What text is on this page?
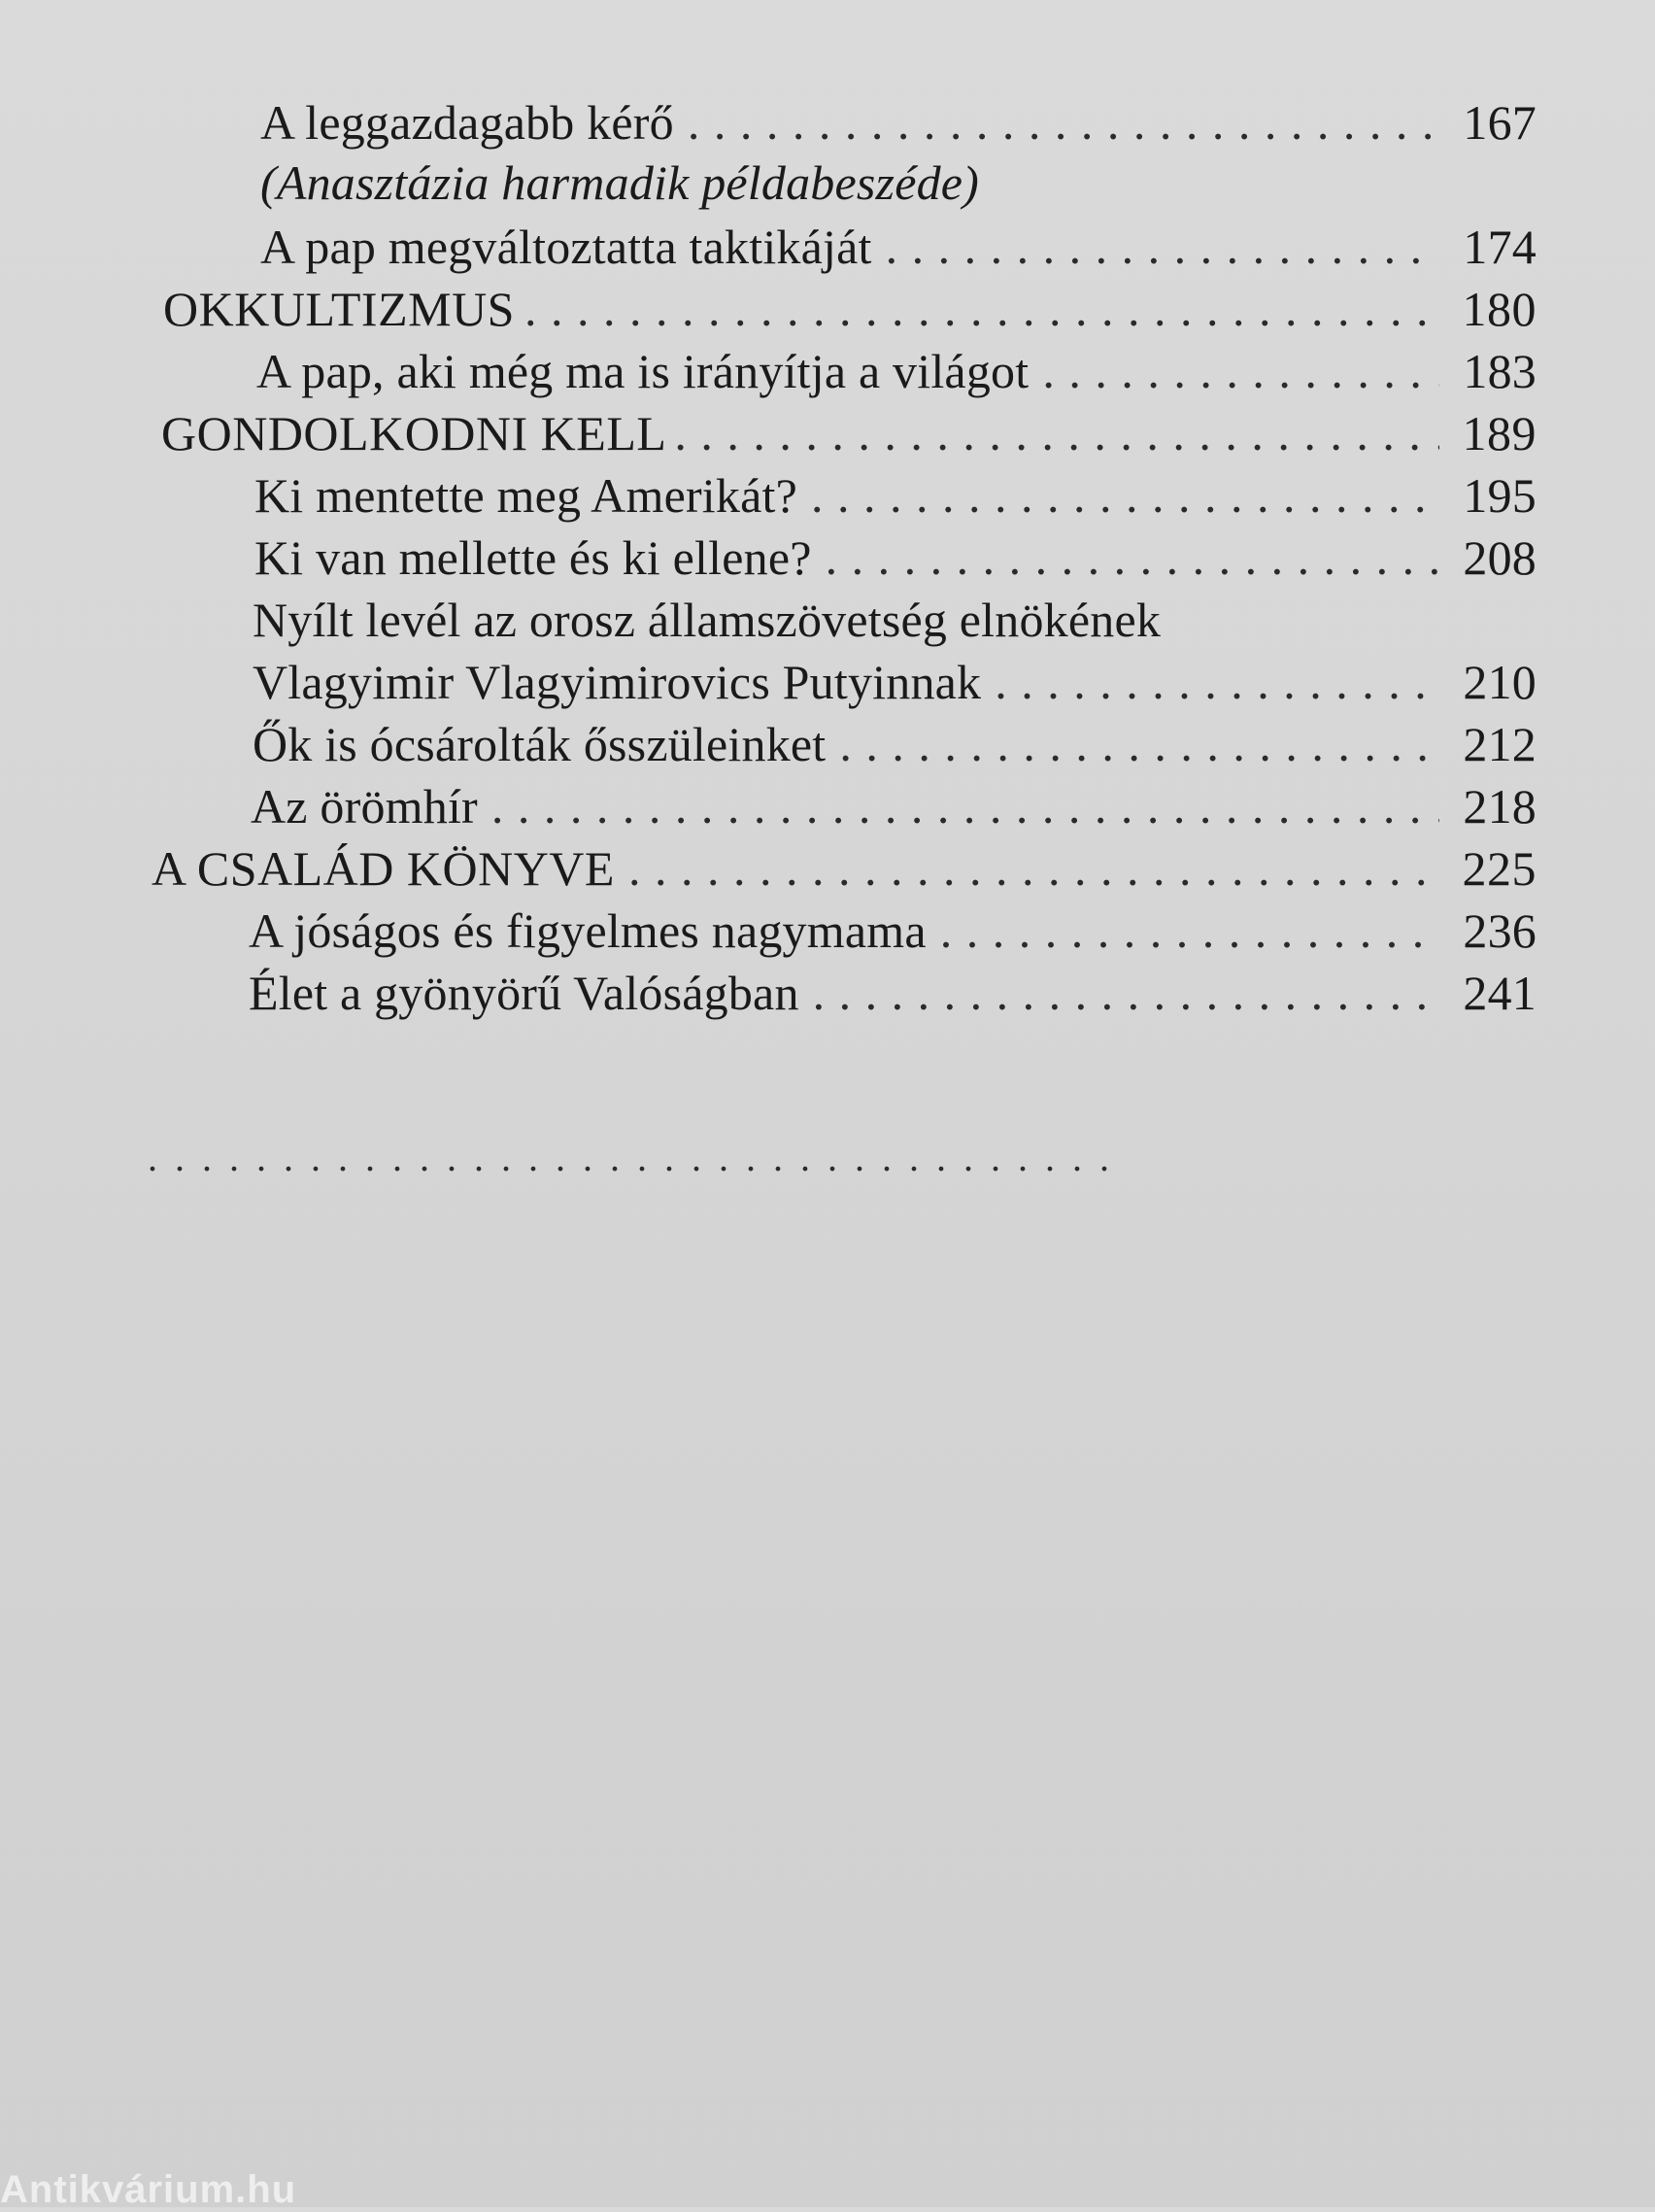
A leggazdagabb kérő . . .	167
(Anasztázia harmadik példabeszéde)
A pap megváltoztatta taktikáját . . .	174
OKKULTIZMUS . . .	180
A pap, aki még ma is irányítja a világot . . .	183
GONDOLKODNI KELL . . .	189
Ki mentette meg Amerikát? . . .	195
Ki van mellette és ki ellene? . . .	208
Nyílt levél az orosz államszövetség elnökének
Vlagyimir Vlagyimirovics Putyinnak . . .	210
Ők is ócsárolták ősszüleinket . . .	212
Az örömhír . . .	218
A CSALÁD KÖNYVE . . .	225
A jóságos és figyelmes nagymama . . .	236
Élet a gyönyörű Valóságban . . .	241
. . . . . . . . . . . . . . . . . . . . . . . . . . . . . . . . . . . .
Antikvárium.hu
